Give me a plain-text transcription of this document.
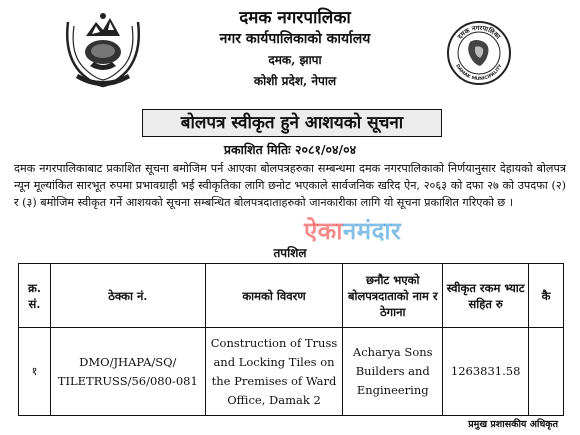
दमक नगरपालिका
नगर कार्यपालिकाको कार्यालय
दमक, झापा
कोशी प्रदेश, नेपाल
दमक नगरपालिका
DAMAK MUNICIPALITY
बोलपत्र स्वीकृत हुने आशयको सूचना
प्रकाशित मितिः २०८१/०४/०४
दमक नगरपालिकाबाट प्रकाशित सूचना बमोजिम पर्न आएका बोलपत्रहरुका सम्बन्धमा दमक नगरपालिकाको निर्णयानुसार देहायको बोलपत्र न्यून मूल्यांकित सारभूत रुपमा प्रभावग्राही भई स्वीकृतिका लागि छनोट भएकाले सार्वजनिक खरिद ऐन, २०६३ को दफा २७ को उपदफा (२) र (३) बमोजिम स्वीकृत गर्ने आशयको सूचना सम्बन्धित बोलपत्रदाताहरुको जानकारीका लागि यो सूचना प्रकाशित गरिएको छ ।
ऐकानमंदार
तपशिल
क्र. सं.	ठेक्का नं.	कामको विवरण	छनौट भएको बोलपत्रदाताको नाम र ठेगाना	स्वीकृत रकम भ्याट सहित रु	कै
१	DMO/JHAPA/SQ/ TILETRUSS/56/080-081	Construction of Truss and Locking Tiles on the Premises of Ward Office, Damak 2	Acharya Sons Builders and Engineering	1263831.58	
प्रमुख प्रशासकीय अधिकृत
